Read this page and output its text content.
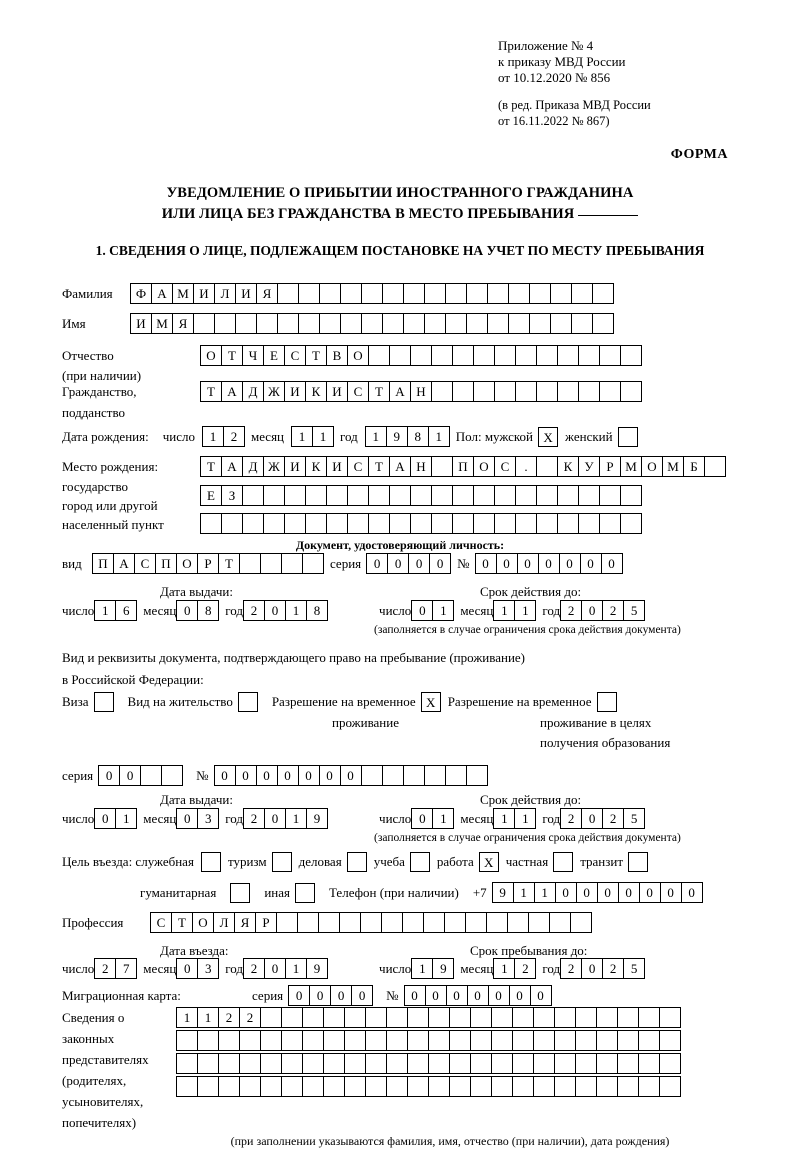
Приложение № 4
к приказу МВД России
от 10.12.2020 № 856
(в ред. Приказа МВД России
от 16.11.2022 № 867)
ФОРМА
УВЕДОМЛЕНИЕ О ПРИБЫТИИ ИНОСТРАННОГО ГРАЖДАНИНА
ИЛИ ЛИЦА БЕЗ ГРАЖДАНСТВА В МЕСТО ПРЕБЫВАНИЯ
1. СВЕДЕНИЯ О ЛИЦЕ, ПОДЛЕЖАЩЕМ ПОСТАНОВКЕ НА УЧЕТ ПО МЕСТУ ПРЕБЫВАНИЯ
Фамилия	Ф А М И Л И Я
Имя	И М Я
Отчество	О Т Ч Е С Т В О
(при наличии)
Гражданство,	Т А Д Ж И К И С Т А Н
подданство
Дата рождения: число	1	2	месяц	1	1	год	1	9	8	1	Пол: мужской X женский
Место рождения:	Т А Д Ж И К И С Т А Н	П О С	.	К У Р М О М Б
государство
Е	З
город или другой
населенный пункт
Документ, удостоверяющий личность:
вид	П А С П О Р	Т	серия 0	0	0	0	№ 0	0	0	0	0	0	0
Дата выдачи:	Срок действия до:
число 1	6	месяц 0	8	год 2	0	1	8	число 0	1	месяц 1	1	год 2	0	2	5
(заполняется в случае ограничения срока действия документа)
Вид и реквизиты документа, подтверждающего право на пребывание (проживание)
в Российской Федерации:
Виза	Вид на жительство	Разрешение на временное X Разрешение на временное
проживание	проживание в целях
получения образования
серия 0	0	№ 0	0	0	0	0	0	0
Дата выдачи:	Срок действия до:
число 0	1	месяц 0	3	год 2	0	1	9	число 0	1	месяц 1	1	год 2	0	2	5
(заполняется в случае ограничения срока действия документа)
Цель въезда: служебная	туризм деловая учеба работа X частная транзит
гуманитарная	иная	Телефон (при наличии) +7 9	1	1	0	0	0	0	0	0	0
Профессия	С Т О Л Я	Р
Дата въезда:	Срок пребывания до:
число 2	7	месяц 0	3	год 2	0	1	9	число 1	9	месяц 1	2	год 2	0	2	5
Миграционная карта:	серия 0	0	0	0	№ 0	0	0	0	0	0	0
Сведения о
законных
представителях
(родителях,
усыновителях,
попечителях)
1	1	2	2
(при заполнении указываются фамилия, имя, отчество (при наличии), дата рождения)
